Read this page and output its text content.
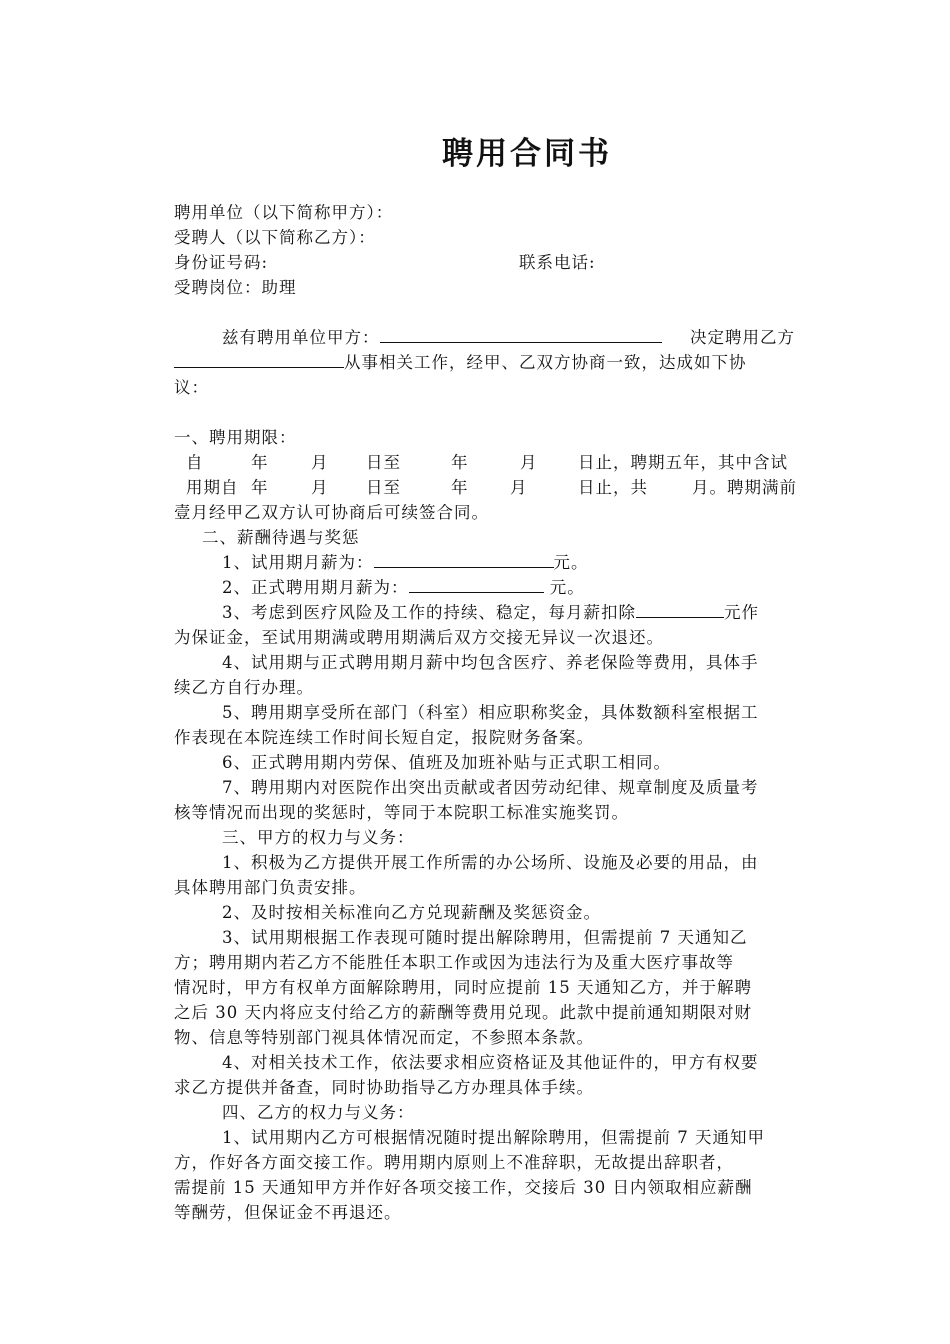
聘用合同书
聘用单位（以下简称甲方）：
受聘人（以下简称乙方）：
身份证号码:	联系电话:
受聘岗位：助理
兹有聘用单位甲方：	决定聘用乙方
从事相关工作，经甲、乙双方协商一致，达成如下协
议：
一、聘用期限：
自	年	月 日至	年	月 日止，聘期五年，其中含试
用期自 年	月 日至	年	月	日止，共	月。聘期满前
壹月经甲乙双方认可协商后可续签合同。
二、薪酬待遇与奖惩
1、试用期月薪为：	元。
2、正式聘用期月薪为：	元。
3、考虑到医疗风险及工作的持续、稳定，每月薪扣除	元作
为保证金，至试用期满或聘用期满后双方交接无异议一次退还。
4、试用期与正式聘用期月薪中均包含医疗、养老保险等费用，具体手
续乙方自行办理。
5、聘用期享受所在部门（科室）相应职称奖金，具体数额科室根据工
作表现在本院连续工作时间长短自定，报院财务备案。
6、正式聘用期内劳保、值班及加班补贴与正式职工相同。
7、聘用期内对医院作出突出贡献或者因劳动纪律、规章制度及质量考
核等情况而出现的奖惩时，等同于本院职工标准实施奖罚。
三、甲方的权力与义务：
1、积极为乙方提供开展工作所需的办公场所、设施及必要的用品，由
具体聘用部门负责安排。
2、及时按相关标准向乙方兑现薪酬及奖惩资金。
3、试用期根据工作表现可随时提出解除聘用，但需提前 7 天通知乙
方；聘用期内若乙方不能胜任本职工作或因为违法行为及重大医疗事故等
情况时，甲方有权单方面解除聘用，同时应提前 15 天通知乙方，并于解聘
之后 30 天内将应支付给乙方的薪酬等费用兑现。此款中提前通知期限对财
物、信息等特别部门视具体情况而定，不参照本条款。
4、对相关技术工作，依法要求相应资格证及其他证件的，甲方有权要
求乙方提供并备查，同时协助指导乙方办理具体手续。
四、乙方的权力与义务：
1、试用期内乙方可根据情况随时提出解除聘用，但需提前 7 天通知甲
方，作好各方面交接工作。聘用期内原则上不准辞职，无故提出辞职者，
需提前 15 天通知甲方并作好各项交接工作，交接后 30 日内领取相应薪酬
等酬劳，但保证金不再退还。
